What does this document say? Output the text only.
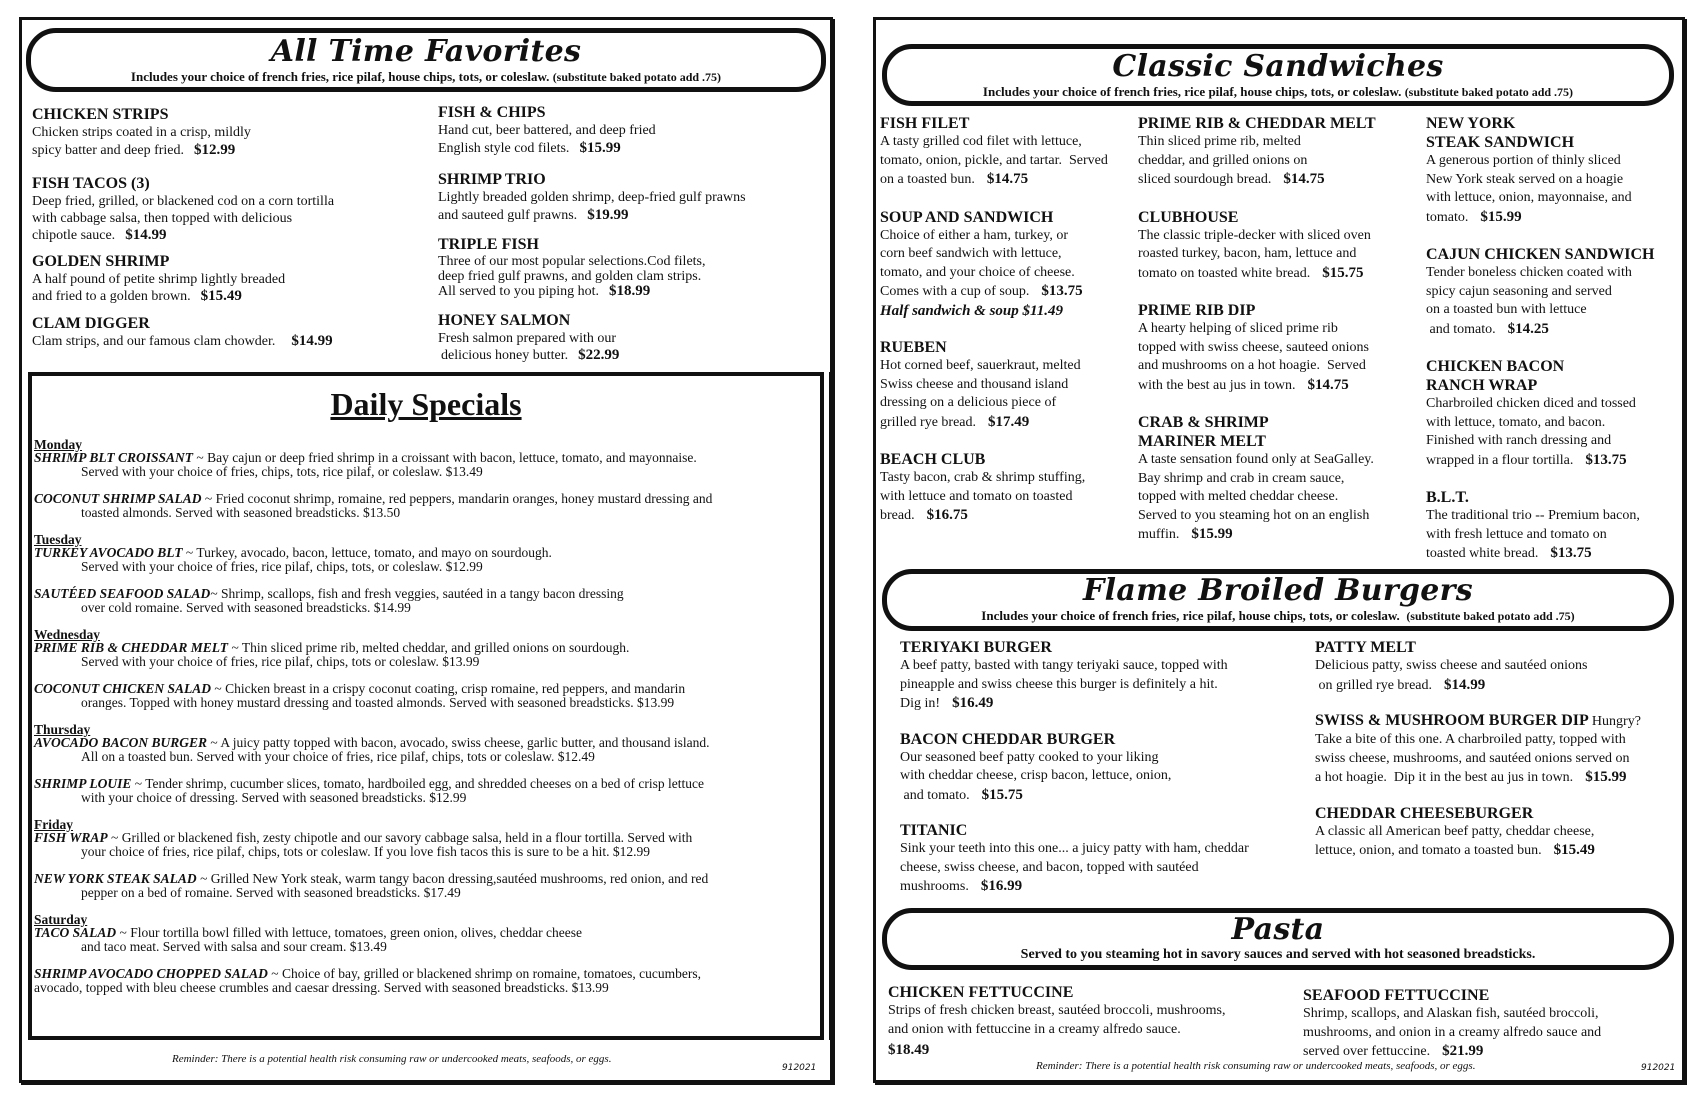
All Time Favorites
Includes your choice of french fries, rice pilaf, house chips, tots, or coleslaw. (substitute baked potato add .75)
CHICKEN STRIPS
Chicken strips coated in a crisp, mildly
spicy batter and deep fried. $12.99
FISH TACOS (3)
Deep fried, grilled, or blackened cod on a corn tortilla
with cabbage salsa, then topped with delicious
chipotle sauce. $14.99
GOLDEN SHRIMP
A half pound of petite shrimp lightly breaded
and fried to a golden brown. $15.49
CLAM DIGGER
Clam strips, and our famous clam chowder. $14.99
FISH & CHIPS
Hand cut, beer battered, and deep fried
English style cod filets. $15.99
SHRIMP TRIO
Lightly breaded golden shrimp, deep-fried gulf prawns
and sauteed gulf prawns. $19.99
TRIPLE FISH
Three of our most popular selections.Cod filets,
deep fried gulf prawns, and golden clam strips.
All served to you piping hot. $18.99
HONEY SALMON
Fresh salmon prepared with our
delicious honey butter. $22.99
Daily Specials
Monday
SHRIMP BLT CROISSANT ~ Bay cajun or deep fried shrimp in a croissant with bacon, lettuce, tomato, and mayonnaise.
Served with your choice of fries, chips, tots, rice pilaf, or coleslaw. $13.49
COCONUT SHRIMP SALAD ~ Fried coconut shrimp, romaine, red peppers, mandarin oranges, honey mustard dressing and
toasted almonds. Served with seasoned breadsticks. $13.50
Tuesday
TURKEY AVOCADO BLT ~ Turkey, avocado, bacon, lettuce, tomato, and mayo on sourdough.
Served with your choice of fries, rice pilaf, chips, tots, or coleslaw. $12.99
SAUTÉED SEAFOOD SALAD~ Shrimp, scallops, fish and fresh veggies, sautéed in a tangy bacon dressing
over cold romaine. Served with seasoned breadsticks. $14.99
Wednesday
PRIME RIB & CHEDDAR MELT ~ Thin sliced prime rib, melted cheddar, and grilled onions on sourdough.
Served with your choice of fries, rice pilaf, chips, tots or coleslaw. $13.99
COCONUT CHICKEN SALAD ~ Chicken breast in a crispy coconut coating, crisp romaine, red peppers, and mandarin
oranges. Topped with honey mustard dressing and toasted almonds. Served with seasoned breadsticks. $13.99
Thursday
AVOCADO BACON BURGER ~ A juicy patty topped with bacon, avocado, swiss cheese, garlic butter, and thousand island.
All on a toasted bun. Served with your choice of fries, rice pilaf, chips, tots or coleslaw. $12.49
SHRIMP LOUIE ~ Tender shrimp, cucumber slices, tomato, hardboiled egg, and shredded cheeses on a bed of crisp lettuce
with your choice of dressing. Served with seasoned breadsticks. $12.99
Friday
FISH WRAP ~ Grilled or blackened fish, zesty chipotle and our savory cabbage salsa, held in a flour tortilla. Served with
your choice of fries, rice pilaf, chips, tots or coleslaw. If you love fish tacos this is sure to be a hit. $12.99
NEW YORK STEAK SALAD ~ Grilled New York steak, warm tangy bacon dressing,sautéed mushrooms, red onion, and red
pepper on a bed of romaine. Served with seasoned breadsticks. $17.49
Saturday
TACO SALAD ~ Flour tortilla bowl filled with lettuce, tomatoes, green onion, olives, cheddar cheese
and taco meat. Served with salsa and sour cream. $13.49
SHRIMP AVOCADO CHOPPED SALAD ~ Choice of bay, grilled or blackened shrimp on romaine, tomatoes, cucumbers,
avocado, topped with bleu cheese crumbles and caesar dressing. Served with seasoned breadsticks. $13.99
Reminder: There is a potential health risk consuming raw or undercooked meats, seafoods, or eggs.
912021
Classic Sandwiches
Includes your choice of french fries, rice pilaf, house chips, tots, or coleslaw. (substitute baked potato add .75)
FISH FILET
A tasty grilled cod filet with lettuce,
tomato, onion, pickle, and tartar.  Served
on a toasted bun. $14.75
SOUP AND SANDWICH
Choice of either a ham, turkey, or
corn beef sandwich with lettuce,
tomato, and your choice of cheese.
Comes with a cup of soup. $13.75
Half sandwich & soup $11.49
RUEBEN
Hot corned beef, sauerkraut, melted
Swiss cheese and thousand island
dressing on a delicious piece of
grilled rye bread. $17.49
BEACH CLUB
Tasty bacon, crab & shrimp stuffing,
with lettuce and tomato on toasted
bread. $16.75
PRIME RIB & CHEDDAR MELT
Thin sliced prime rib, melted
cheddar, and grilled onions on
sliced sourdough bread. $14.75
CLUBHOUSE
The classic triple-decker with sliced oven
roasted turkey, bacon, ham, lettuce and
tomato on toasted white bread. $15.75
PRIME RIB DIP
A hearty helping of sliced prime rib
topped with swiss cheese, sauteed onions
and mushrooms on a hot hoagie.  Served
with the best au jus in town. $14.75
CRAB & SHRIMP
MARINER MELT
A taste sensation found only at SeaGalley.
Bay shrimp and crab in cream sauce,
topped with melted cheddar cheese.
Served to you steaming hot on an english
muffin. $15.99
NEW YORK
STEAK SANDWICH
A generous portion of thinly sliced
New York steak served on a hoagie
with lettuce, onion, mayonnaise, and
tomato. $15.99
CAJUN CHICKEN SANDWICH
Tender boneless chicken coated with
spicy cajun seasoning and served
on a toasted bun with lettuce
and tomato. $14.25
CHICKEN BACON
RANCH WRAP
Charbroiled chicken diced and tossed
with lettuce, tomato, and bacon.
Finished with ranch dressing and
wrapped in a flour tortilla. $13.75
B.L.T.
The traditional trio -- Premium bacon,
with fresh lettuce and tomato on
toasted white bread. $13.75
Flame Broiled Burgers
Includes your choice of french fries, rice pilaf, house chips, tots, or coleslaw. (substitute baked potato add .75)
TERIYAKI BURGER
A beef patty, basted with tangy teriyaki sauce, topped with
pineapple and swiss cheese this burger is definitely a hit.
Dig in! $16.49
BACON CHEDDAR BURGER
Our seasoned beef patty cooked to your liking
with cheddar cheese, crisp bacon, lettuce, onion,
and tomato. $15.75
TITANIC
Sink your teeth into this one... a juicy patty with ham, cheddar
cheese, swiss cheese, and bacon, topped with sautéed
mushrooms. $16.99
PATTY MELT
Delicious patty, swiss cheese and sautéed onions
on grilled rye bread. $14.99
SWISS & MUSHROOM BURGER DIP Hungry?
Take a bite of this one. A charbroiled patty, topped with
swiss cheese, mushrooms, and sautéed onions served on
a hot hoagie.  Dip it in the best au jus in town. $15.99
CHEDDAR CHEESEBURGER
A classic all American beef patty, cheddar cheese,
lettuce, onion, and tomato a toasted bun. $15.49
Pasta
Served to you steaming hot in savory sauces and served with hot seasoned breadsticks.
CHICKEN FETTUCCINE
Strips of fresh chicken breast, sautéed broccoli, mushrooms,
and onion with fettuccine in a creamy alfredo sauce.
$18.49
SEAFOOD FETTUCCINE
Shrimp, scallops, and Alaskan fish, sautéed broccoli,
mushrooms, and onion in a creamy alfredo sauce and
served over fettuccine. $21.99
Reminder: There is a potential health risk consuming raw or undercooked meats, seafoods, or eggs.	912021
